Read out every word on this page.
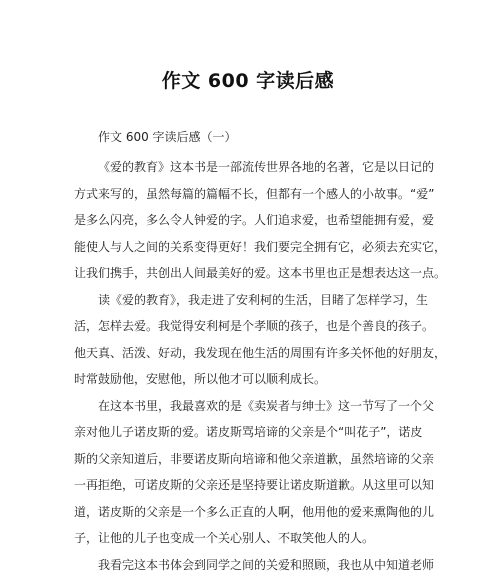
作文 600 字读后感
作文 600 字读后感（一）
《爱的教育》这本书是一部流传世界各地的名著，它是以日记的
方式来写的，虽然每篇的篇幅不长，但都有一个感人的小故事。“爱”
是多么闪亮，多么令人钟爱的字。人们追求爱，也希望能拥有爱，爱
能使人与人之间的关系变得更好！我们要完全拥有它，必须去充实它，
让我们携手，共创出人间最美好的爱。这本书里也正是想表达这一点。
读《爱的教育》，我走进了安利柯的生活，目睹了怎样学习，生
活，怎样去爱。我觉得安利柯是个孝顺的孩子，也是个善良的孩子。
他天真、活泼、好动，我发现在他生活的周围有许多关怀他的好朋友，
时常鼓励他，安慰他，所以他才可以顺利成长。
在这本书里，我最喜欢的是《卖炭者与绅士》这一节写了一个父
亲对他儿子诺皮斯的爱。诺皮斯骂培谛的父亲是个“叫花子”，诺皮
斯的父亲知道后，非要诺皮斯向培谛和他父亲道歉，虽然培谛的父亲
一再拒绝，可诺皮斯的父亲还是坚持要让诺皮斯道歉。从这里可以知
道，诺皮斯的父亲是一个多么正直的人啊，他用他的爱来熏陶他的儿
子，让他的儿子也变成一个关心别人、不取笑他人的人。
我看完这本书体会到同学之间的关爱和照顾，我也从中知道老师
